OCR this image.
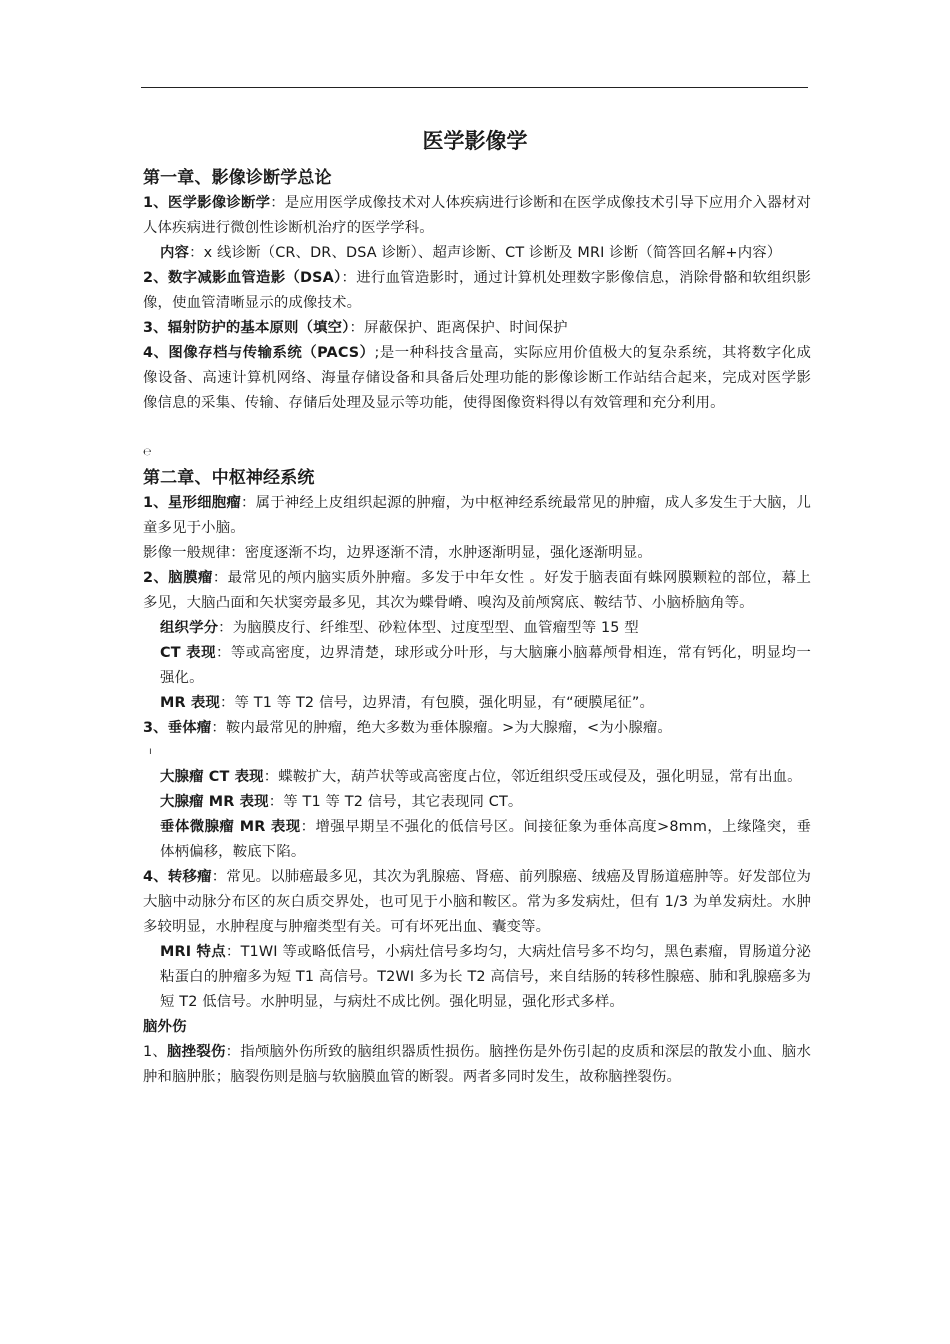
医学影像学

第一章、影像诊断学总论

1、医学影像诊断学：是应用医学成像技术对人体疾病进行诊断和在医学成像技术引导下应用介入器材对人体疾病进行微创性诊断机治疗的医学学科。

内容：x 线诊断（CR、DR、DSA 诊断）、超声诊断、CT 诊断及 MRI 诊断（简答回名解+内容）

2、数字减影血管造影（DSA）：进行血管造影时，通过计算机处理数字影像信息，消除骨骼和软组织影像，使血管清晰显示的成像技术。

3、辐射防护的基本原则（填空）：屏蔽保护、距离保护、时间保护

4、图像存档与传输系统（PACS）;是一种科技含量高，实际应用价值极大的复杂系统，其将数字化成像设备、高速计算机网络、海量存储设备和具备后处理功能的影像诊断工作站结合起来，完成对医学影像信息的采集、传输、存储后处理及显示等功能，使得图像资料得以有效管理和充分利用。

℮

第二章、中枢神经系统

1、星形细胞瘤：属于神经上皮组织起源的肿瘤，为中枢神经系统最常见的肿瘤，成人多发生于大脑，儿童多见于小脑。

影像一般规律：密度逐渐不均，边界逐渐不清，水肿逐渐明显，强化逐渐明显。

2、脑膜瘤：最常见的颅内脑实质外肿瘤。多发于中年女性 。好发于脑表面有蛛网膜颗粒的部位，幕上多见，大脑凸面和矢状窦旁最多见，其次为蝶骨嵴、嗅沟及前颅窝底、鞍结节、小脑桥脑角等。

组织学分：为脑膜皮行、纤维型、砂粒体型、过度型型、血管瘤型等 15 型

CT 表现：等或高密度，边界清楚，球形或分叶形，与大脑廉小脑幕颅骨相连，常有钙化，明显均一强化。

MR 表现：等 T1 等 T2 信号，边界清，有包膜，强化明显，有“硬膜尾征”。

3、垂体瘤：鞍内最常见的肿瘤，绝大多数为垂体腺瘤。>为大腺瘤，<为小腺瘤。

ı

大腺瘤 CT 表现：蝶鞍扩大，葫芦状等或高密度占位，邻近组织受压或侵及，强化明显，常有出血。

大腺瘤 MR 表现：等 T1 等 T2 信号，其它表现同 CT。

垂体微腺瘤 MR 表现：增强早期呈不强化的低信号区。间接征象为垂体高度>8mm，上缘隆突，垂体柄偏移，鞍底下陷。

4、转移瘤：常见。以肺癌最多见，其次为乳腺癌、肾癌、前列腺癌、绒癌及胃肠道癌肿等。好发部位为大脑中动脉分布区的灰白质交界处，也可见于小脑和鞍区。常为多发病灶，但有 1/3 为单发病灶。水肿多较明显，水肿程度与肿瘤类型有关。可有坏死出血、囊变等。

MRI 特点：T1WI 等或略低信号，小病灶信号多均匀，大病灶信号多不均匀，黑色素瘤，胃肠道分泌粘蛋白的肿瘤多为短 T1 高信号。T2WI 多为长 T2 高信号，来自结肠的转移性腺癌、肺和乳腺癌多为短 T2 低信号。水肿明显，与病灶不成比例。强化明显，强化形式多样。

脑外伤

1、脑挫裂伤：指颅脑外伤所致的脑组织器质性损伤。脑挫伤是外伤引起的皮质和深层的散发小血、脑水肿和脑肿胀；脑裂伤则是脑与软脑膜血管的断裂。两者多同时发生，故称脑挫裂伤。
